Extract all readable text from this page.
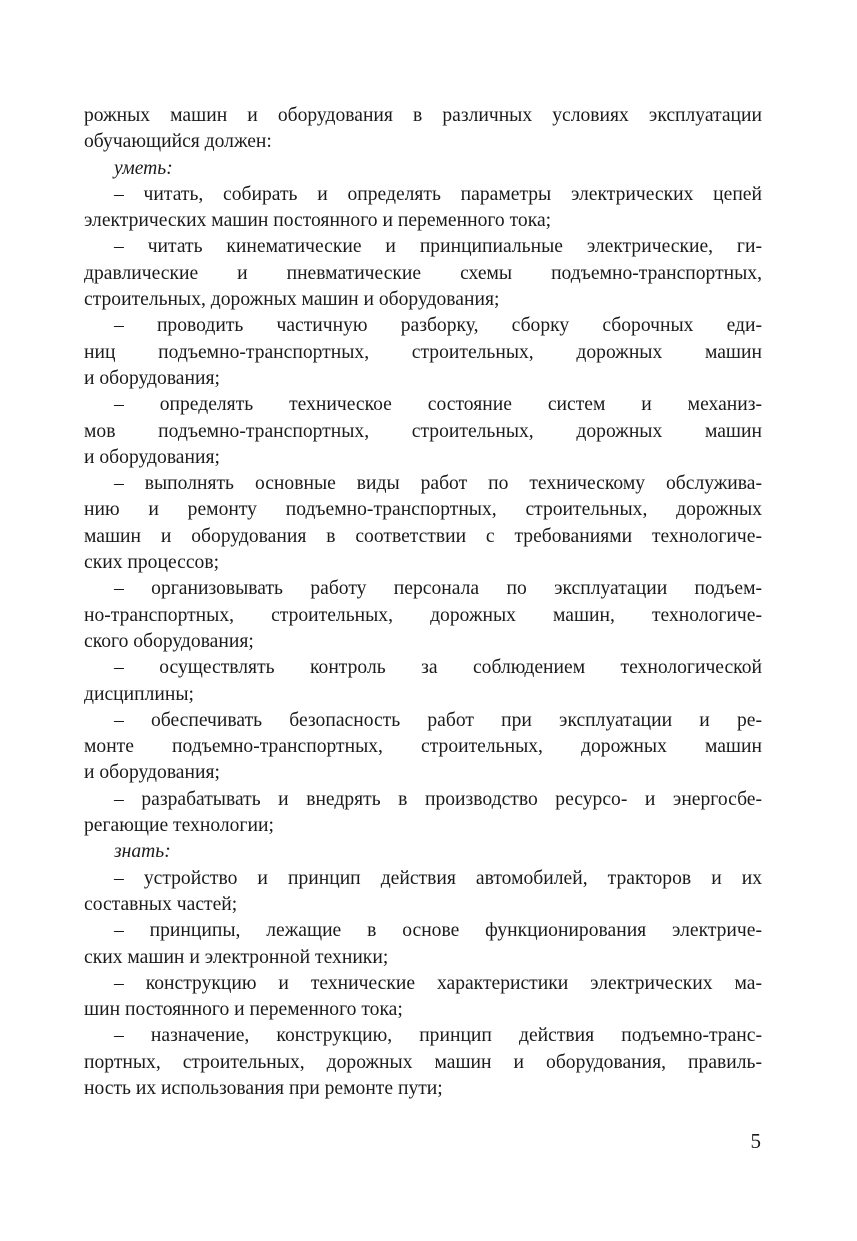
рожных машин и оборудования в различных условиях эксплуатации
обучающийся должен:
уметь:
– читать, собирать и определять параметры электрических цепей
электрических машин постоянного и переменного тока;
– читать кинематические и принципиальные электрические, ги-
дравлические и пневматические схемы подъемно-транспортных,
строительных, дорожных машин и оборудования;
– проводить частичную разборку, сборку сборочных еди-
ниц подъемно-транспортных, строительных, дорожных машин
и оборудования;
– определять техническое состояние систем и механиз-
мов подъемно-транспортных, строительных, дорожных машин
и оборудования;
– выполнять основные виды работ по техническому обслужива-
нию и ремонту подъемно-транспортных, строительных, дорожных
машин и оборудования в соответствии с требованиями технологиче-
ских процессов;
– организовывать работу персонала по эксплуатации подъем-
но-транспортных, строительных, дорожных машин, технологиче-
ского оборудования;
– осуществлять контроль за соблюдением технологической
дисциплины;
– обеспечивать безопасность работ при эксплуатации и ре-
монте подъемно-транспортных, строительных, дорожных машин
и оборудования;
– разрабатывать и внедрять в производство ресурсо- и энергосбе-
регающие технологии;
знать:
– устройство и принцип действия автомобилей, тракторов и их
составных частей;
– принципы, лежащие в основе функционирования электриче-
ских машин и электронной техники;
– конструкцию и технические характеристики электрических ма-
шин постоянного и переменного тока;
– назначение, конструкцию, принцип действия подъемно-транс-
портных, строительных, дорожных машин и оборудования, правиль-
ность их использования при ремонте пути;
5
